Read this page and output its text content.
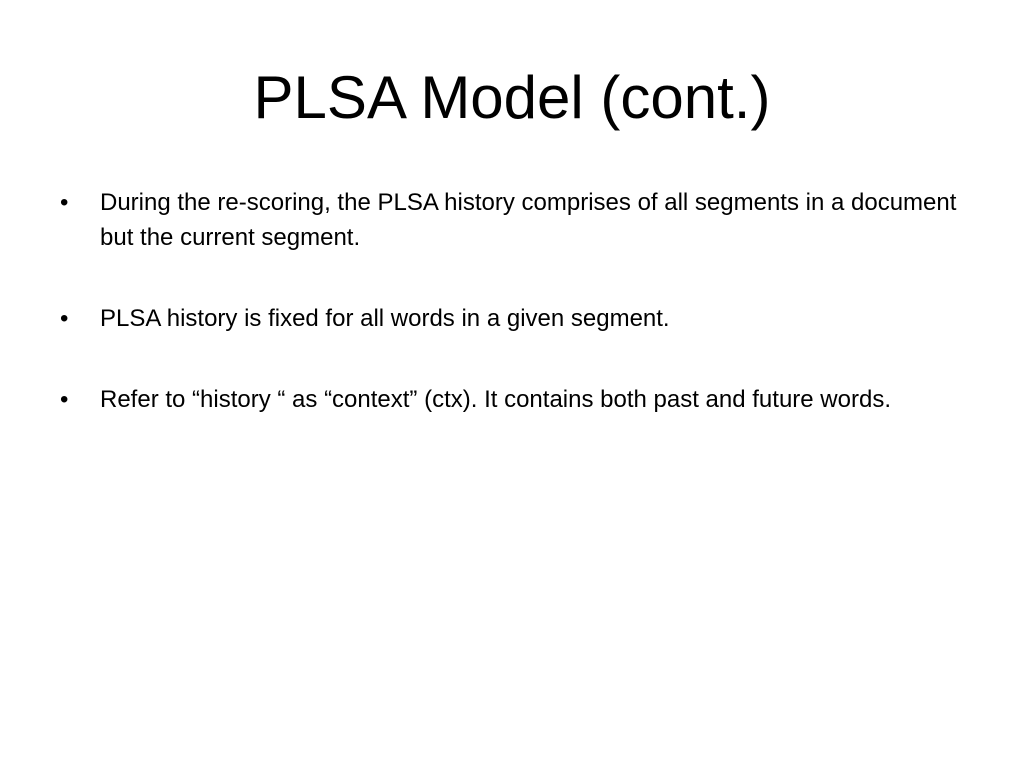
PLSA Model (cont.)
• During the re-scoring, the PLSA history comprises of all segments in a document but the current segment.
• PLSA history is fixed for all words in a given segment.
• Refer to “history “ as “context” (ctx). It contains both past and future words.
